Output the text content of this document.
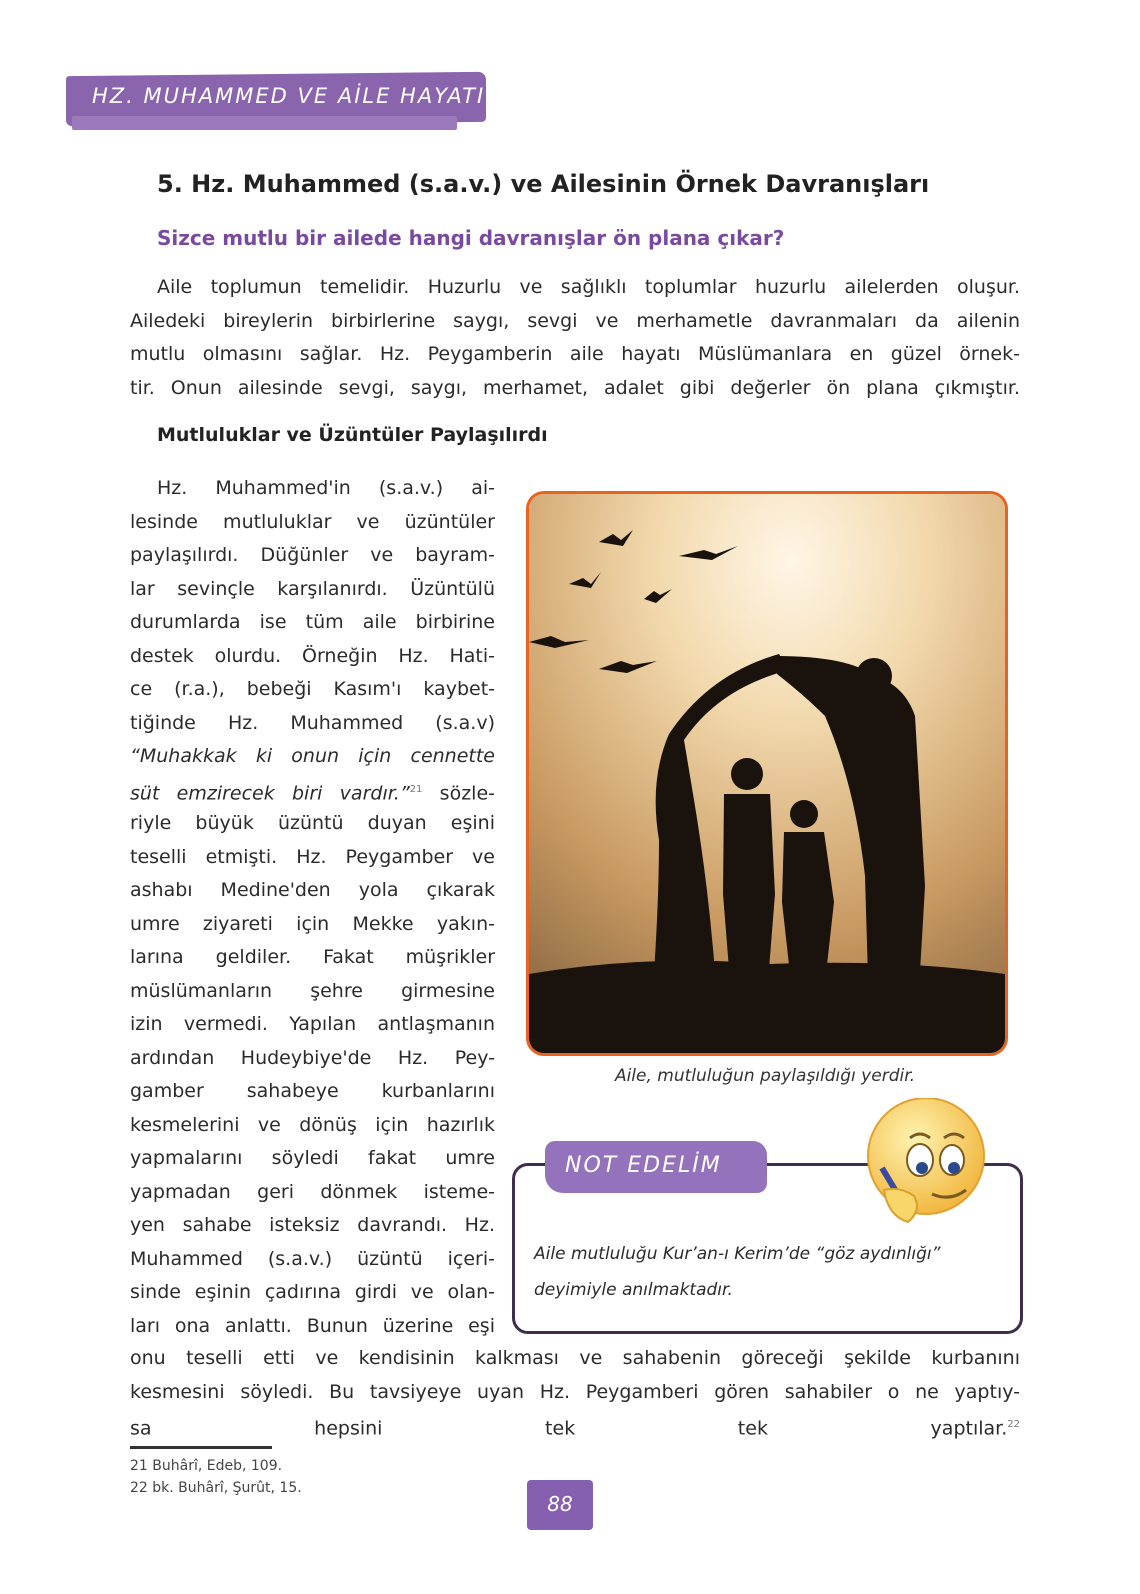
HZ. MUHAMMED VE AİLE HAYATI
5. Hz. Muhammed (s.a.v.) ve Ailesinin Örnek Davranışları
Sizce mutlu bir ailede hangi davranışlar ön plana çıkar?
Aile toplumun temelidir. Huzurlu ve sağlıklı toplumlar huzurlu ailelerden oluşur.
Ailedeki bireylerin birbirlerine saygı, sevgi ve merhametle davranmaları da ailenin
mutlu olmasını sağlar. Hz. Peygamberin aile hayatı Müslümanlara en güzel örnek-
tir. Onun ailesinde sevgi, saygı, merhamet, adalet gibi değerler ön plana çıkmıştır.
Mutluluklar ve Üzüntüler Paylaşılırdı
Hz. Muhammed'in (s.a.v.) ai-
lesinde mutluluklar ve üzüntüler
paylaşılırdı. Düğünler ve bayram-
lar sevinçle karşılanırdı. Üzüntülü
durumlarda ise tüm aile birbirine
destek olurdu. Örneğin Hz. Hati-
ce (r.a.), bebeği Kasım'ı kaybet-
tiğinde Hz. Muhammed (s.a.v)
“Muhakkak ki onun için cennette
süt emzirecek biri vardır.”$^{21}$ sözle-
riyle büyük üzüntü duyan eşini
teselli etmişti. Hz. Peygamber ve
ashabı Medine'den yola çıkarak
umre ziyareti için Mekke yakın-
larına geldiler. Fakat müşrikler
müslümanların şehre girmesine
izin vermedi. Yapılan antlaşmanın
ardından Hudeybiye'de Hz. Pey-
gamber sahabeye kurbanlarını
kesmelerini ve dönüş için hazırlık
yapmalarını söyledi fakat umre
yapmadan geri dönmek isteme-
yen sahabe isteksiz davrandı. Hz.
Muhammed (s.a.v.) üzüntü içeri-
sinde eşinin çadırına girdi ve olan-
ları ona anlattı. Bunun üzerine eşi
onu teselli etti ve kendisinin kalkması ve sahabenin göreceği şekilde kurbanını
kesmesini söyledi. Bu tavsiyeye uyan Hz. Peygamberi gören sahabiler o ne yaptıy-
sa hepsini tek tek yaptılar.$^{22}$
Aile, mutluluğun paylaşıldığı yerdir.
NOT EDELİM
Aile mutluluğu Kur’an-ı Kerim’de “göz aydınlığı”
deyimiyle anılmaktadır.
21 Buhârî, Edeb, 109.
22 bk. Buhârî, Şurût, 15.
88
